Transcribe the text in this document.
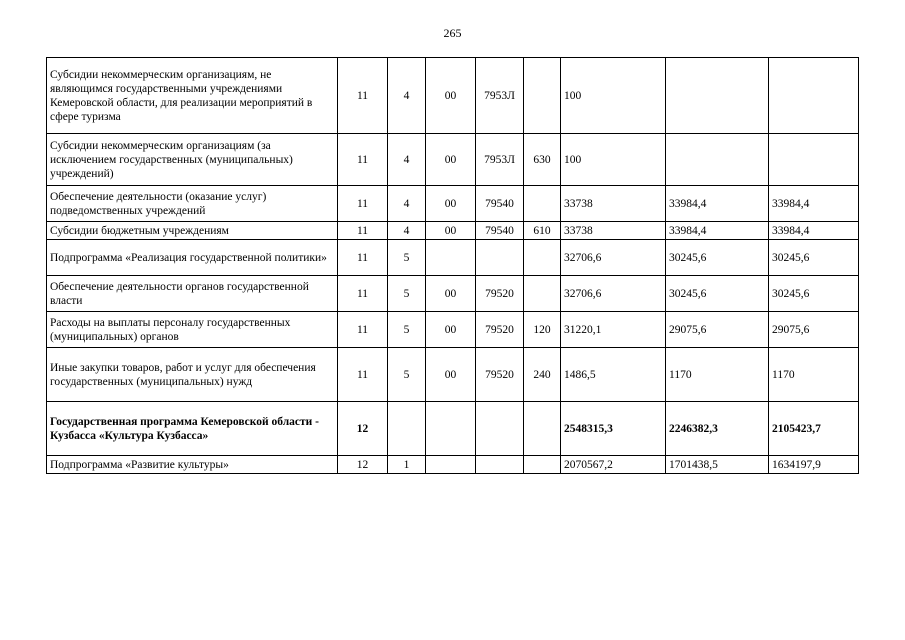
265
Субсидии некоммерческим организациям, не являющимся государственными учреждениями Кемеровской области, для реализации мероприятий в сфере туризма	11	4	00	7953Л		100		
Субсидии некоммерческим организациям (за исключением государственных (муниципальных) учреждений)	11	4	00	7953Л	630	100		
Обеспечение деятельности (оказание услуг) подведомственных учреждений	11	4	00	79540		33738	33984,4	33984,4
Субсидии бюджетным учреждениям	11	4	00	79540	610	33738	33984,4	33984,4
Подпрограмма «Реализация государственной политики»	11	5				32706,6	30245,6	30245,6
Обеспечение деятельности органов государственной власти	11	5	00	79520		32706,6	30245,6	30245,6
Расходы на выплаты персоналу государственных (муниципальных) органов	11	5	00	79520	120	31220,1	29075,6	29075,6
Иные закупки товаров, работ и услуг для обеспечения государственных (муниципальных) нужд	11	5	00	79520	240	1486,5	1170	1170
Государственная программа Кемеровской области - Кузбасса «Культура Кузбасса»	12					2548315,3	2246382,3	2105423,7
Подпрограмма «Развитие культуры»	12	1				2070567,2	1701438,5	1634197,9
